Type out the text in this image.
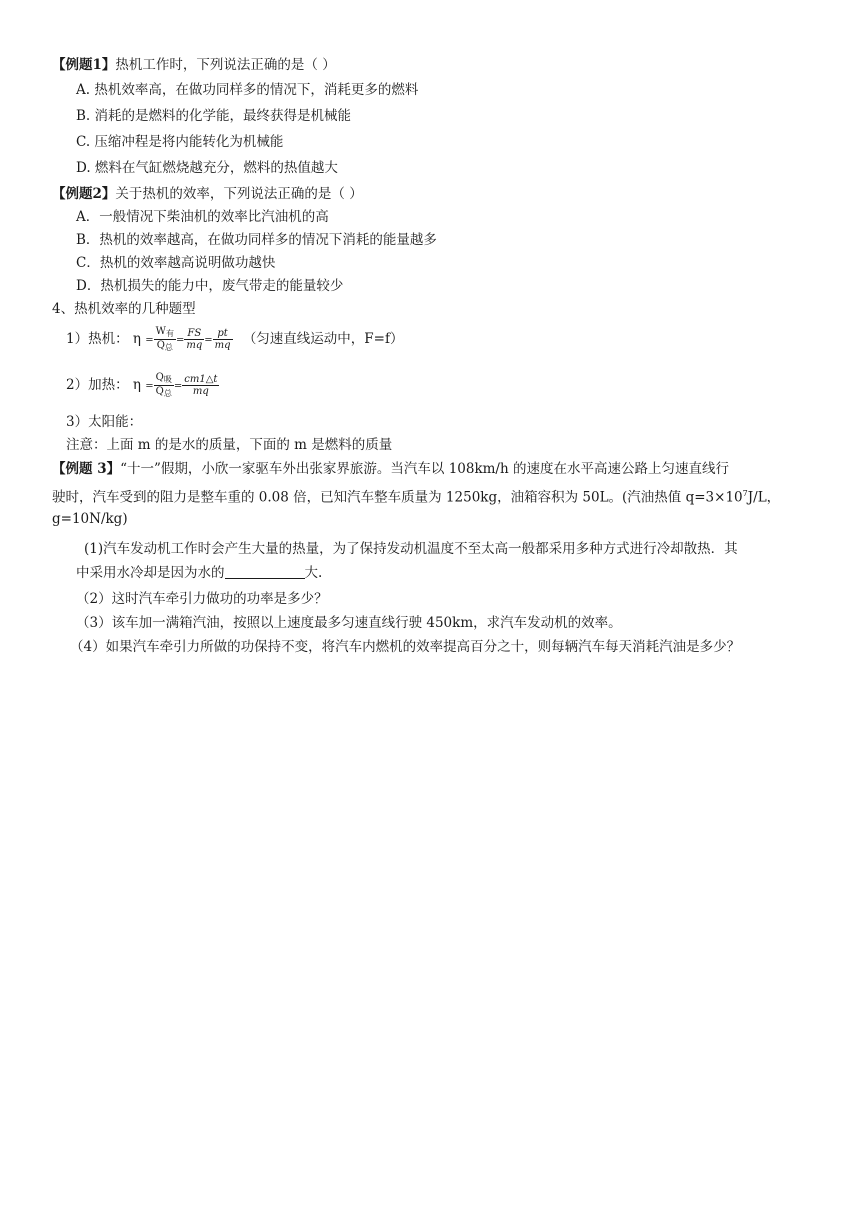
【例题1】热机工作时，下列说法正确的是（ ）
A. 热机效率高，在做功同样多的情况下，消耗更多的燃料
B. 消耗的是燃料的化学能，最终获得是机械能
C. 压缩冲程是将内能转化为机械能
D. 燃料在气缸燃烧越充分，燃料的热值越大
【例题2】关于热机的效率，下列说法正确的是（ ）
A．一般情况下柴油机的效率比汽油机的高
B．热机的效率越高，在做功同样多的情况下消耗的能量越多
C．热机的效率越高说明做功越快
D．热机损失的能力中，废气带走的能量较少
4、热机效率的几种题型
1）热机： $\eta = \frac{W_有}{Q_总} = \frac{FS}{mq} = \frac{pt}{mq}$ （匀速直线运动中，F=f）
2）加热： $\eta = \frac{Q_吸}{Q_总} = \frac{cm1\triangle t}{mq}$
3）太阳能：
注意：上面 m 的是水的质量，下面的 m 是燃料的质量
【例题 3】“十一”假期，小欣一家驱车外出张家界旅游。当汽车以 108km/h 的速度在水平高速公路上匀速直线行
驶时，汽车受到的阻力是整车重的 0.08 倍，已知汽车整车质量为 1250kg，油箱容积为 50L。(汽油热值 $q=3\times 10^7J/L$，
g=10N/kg)
(1)汽车发动机工作时会产生大量的热量，为了保持发动机温度不至太高一般都采用多种方式进行冷却散热．其
中采用水冷却是因为水的	大.
（2）这时汽车牵引力做功的功率是多少？
（3）该车加一满箱汽油，按照以上速度最多匀速直线行驶 450km，求汽车发动机的效率。
（4）如果汽车牵引力所做的功保持不变，将汽车内燃机的效率提高百分之十，则每辆汽车每天消耗汽油是多少？
